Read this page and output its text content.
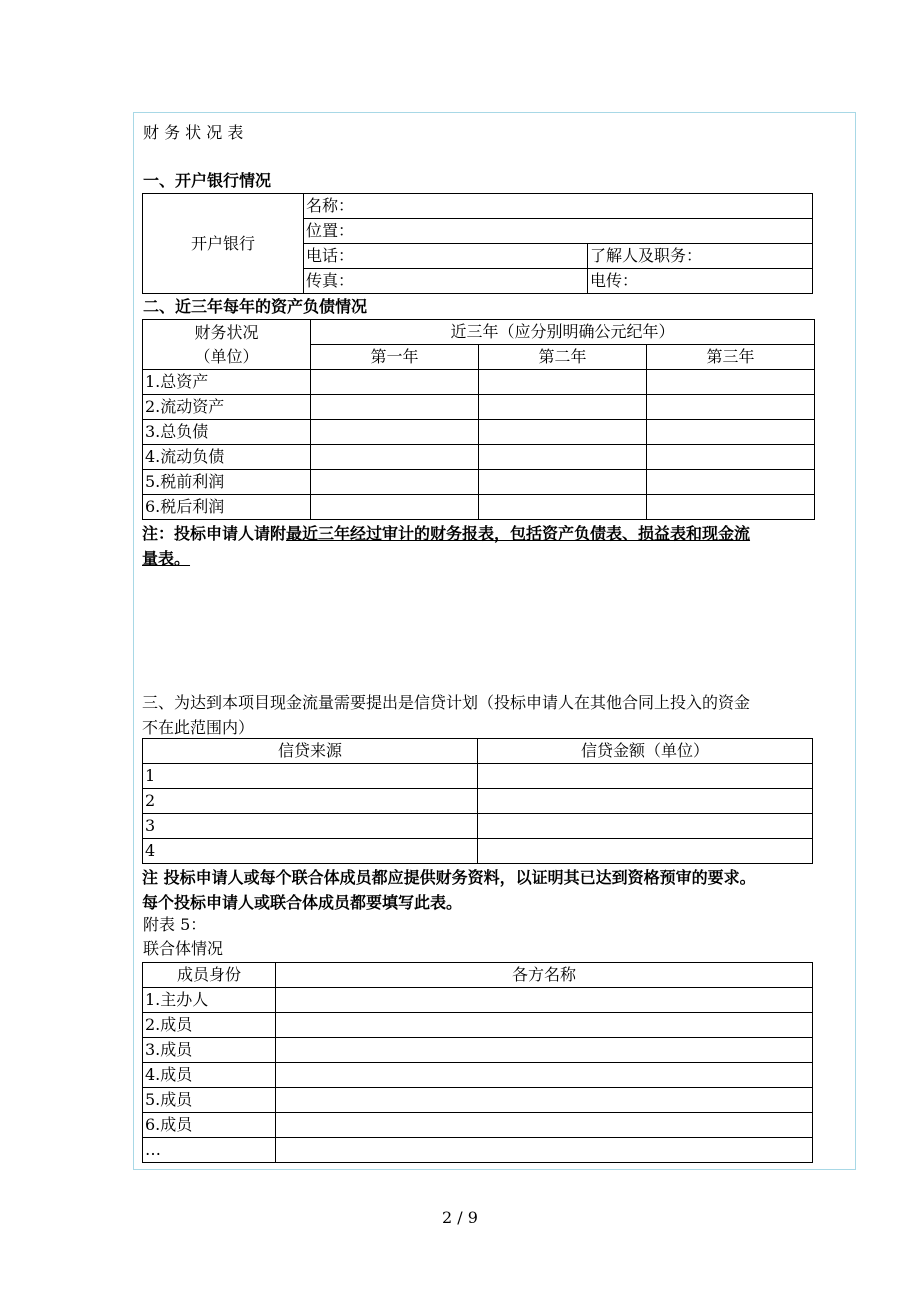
财 务 状 况 表
一、开户银行情况
开户银行	名称：	
	位置：	
	电话：	了解人及职务：
	传真：	电传：
二、近三年每年的资产负债情况
财务状况
（单位）	近三年（应分别明确公元纪年）		
	第一年	第二年	第三年
1.总资产			
2.流动资产			
3.总负债			
4.流动负债			
5.税前利润			
6.税后利润			
注：投标申请人请附最近三年经过审计的财务报表，包括资产负债表、损益表和现金流
量表。
三、为达到本项目现金流量需要提出是信贷计划（投标申请人在其他合同上投入的资金
不在此范围内）
信贷来源	信贷金额（单位）
1	
2	
3	
4	
注 投标申请人或每个联合体成员都应提供财务资料，以证明其已达到资格预审的要求。
每个投标申请人或联合体成员都要填写此表。
附表 5：
联合体情况
成员身份	各方名称
1.主办人	
2.成员	
3.成员	
4.成员	
5.成员	
6.成员	
…	
2 / 9
